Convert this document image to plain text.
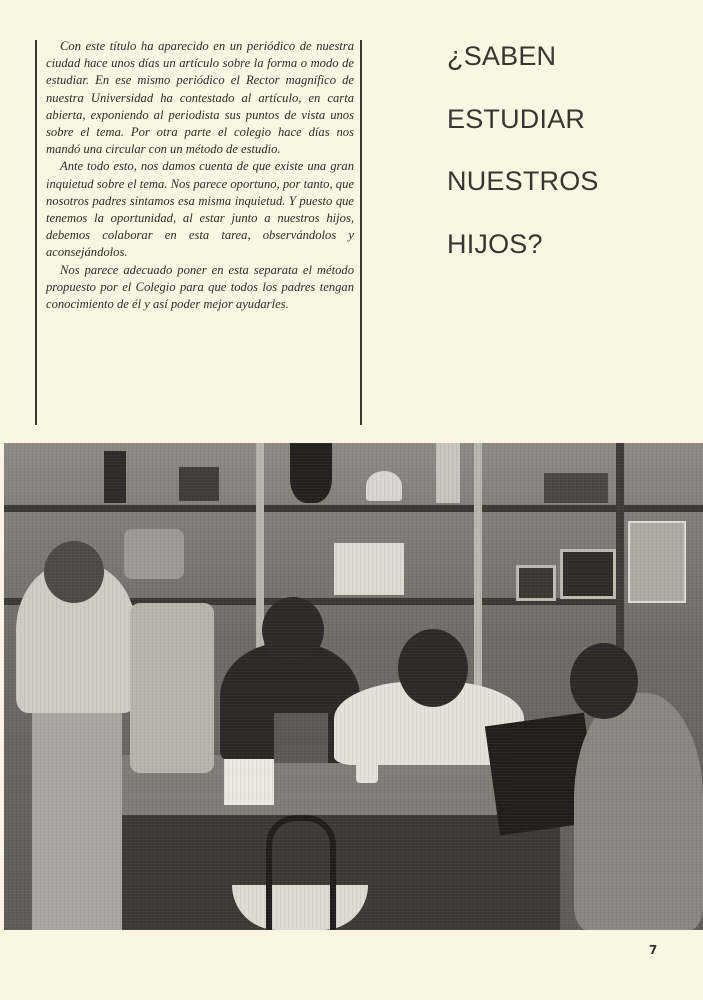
Con este título ha aparecido en un periódico de nuestra ciudad hace unos días un artículo sobre la forma o modo de estudiar. En ese mismo periódico el Rector magnífico de nuestra Universidad ha contestado al artículo, en carta abierta, exponiendo al periodista sus puntos de vista unos sobre el tema. Por otra parte el colegio hace días nos mandó una circular con un método de estudio.

Ante todo esto, nos damos cuenta de que existe una gran inquietud sobre el tema. Nos parece oportuno, por tanto, que nosotros padres sintamos esa misma inquietud. Y puesto que tenemos la oportunidad, al estar junto a nuestros hijos, debemos colaborar en esta tarea, observándolos y aconsejándolos.

Nos parece adecuado poner en esta separata el método propuesto por el Colegio para que todos los padres tengan conocimiento de él y así poder mejor ayudarles.

¿SABEN
ESTUDIAR
NUESTROS
HIJOS?
7
